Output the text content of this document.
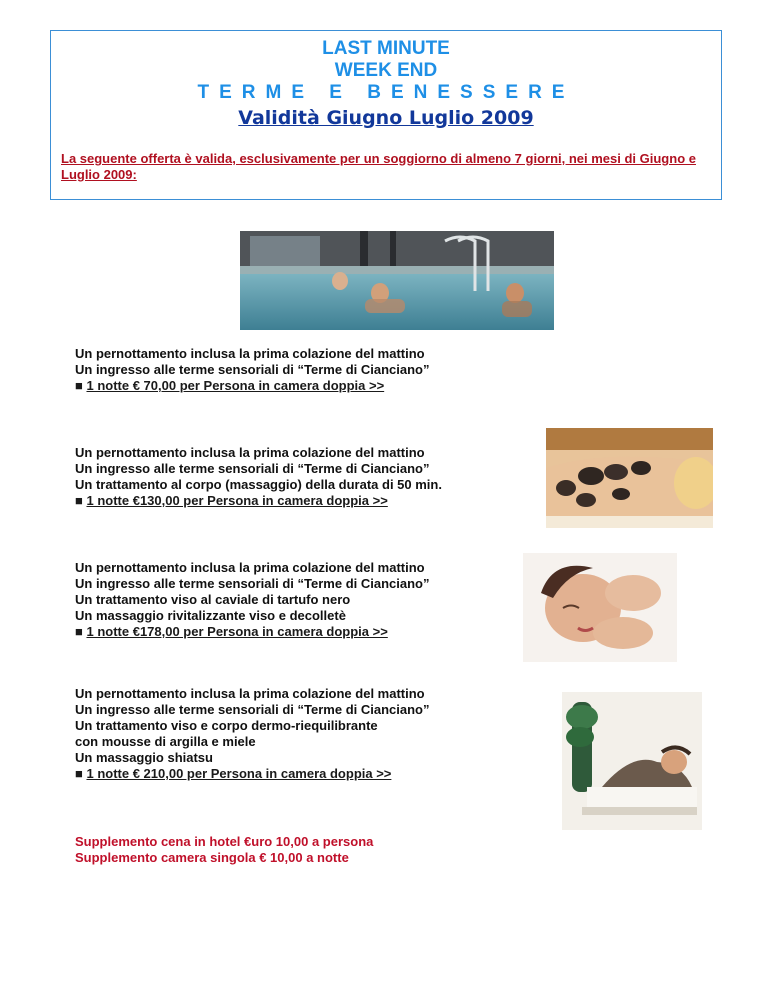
LAST MINUTE
WEEK END
TERME E BENESSERE
Validità Giugno Luglio 2009
La seguente offerta è valida, esclusivamente per un soggiorno di almeno 7 giorni, nei mesi di Giugno e Luglio 2009:
Un pernottamento inclusa la prima colazione del mattino
Un ingresso alle terme sensoriali di “Terme di Cianciano”
■ 1 notte € 70,00 per Persona in camera doppia >>
Un pernottamento inclusa la prima colazione del mattino
Un ingresso alle terme sensoriali di “Terme di Cianciano”
Un trattamento al corpo (massaggio) della durata di 50 min.
■ 1 notte €130,00 per Persona in camera doppia >>
Un pernottamento inclusa la prima colazione del mattino
Un ingresso alle terme sensoriali di “Terme di Cianciano”
Un trattamento viso al caviale di tartufo nero
Un massaggio rivitalizzante viso e decolletè
■ 1 notte €178,00 per Persona in camera doppia >>
Un pernottamento inclusa la prima colazione del mattino
Un ingresso alle terme sensoriali di “Terme di Cianciano”
Un trattamento viso e corpo dermo-riequilibrante
con mousse di argilla e miele
Un massaggio shiatsu
■ 1 notte € 210,00 per Persona in camera doppia >>
Supplemento cena in hotel €uro 10,00 a persona
Supplemento camera singola € 10,00 a notte
